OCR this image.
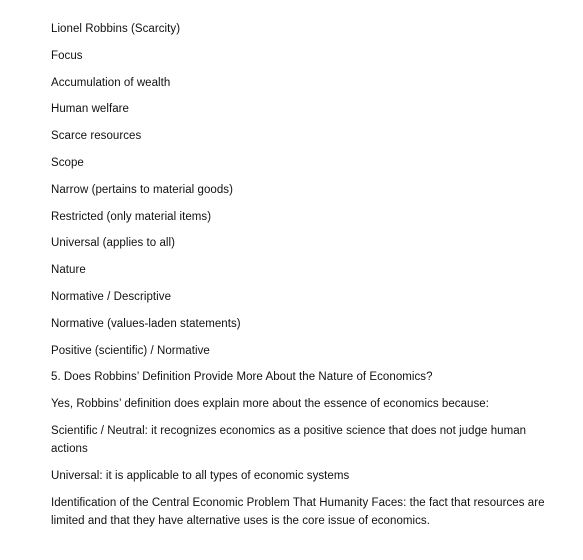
Lionel Robbins (Scarcity)
Focus
Accumulation of wealth
Human welfare
Scarce resources
Scope
Narrow (pertains to material goods)
Restricted (only material items)
Universal (applies to all)
Nature
Normative / Descriptive
Normative (values-laden statements)
Positive (scientific) / Normative
5. Does Robbins’ Definition Provide More About the Nature of Economics?
Yes, Robbins’ definition does explain more about the essence of economics because:
Scientific / Neutral: it recognizes economics as a positive science that does not judge human actions
Universal: it is applicable to all types of economic systems
Identification of the Central Economic Problem That Humanity Faces: the fact that resources are limited and that they have alternative uses is the core issue of economics.
